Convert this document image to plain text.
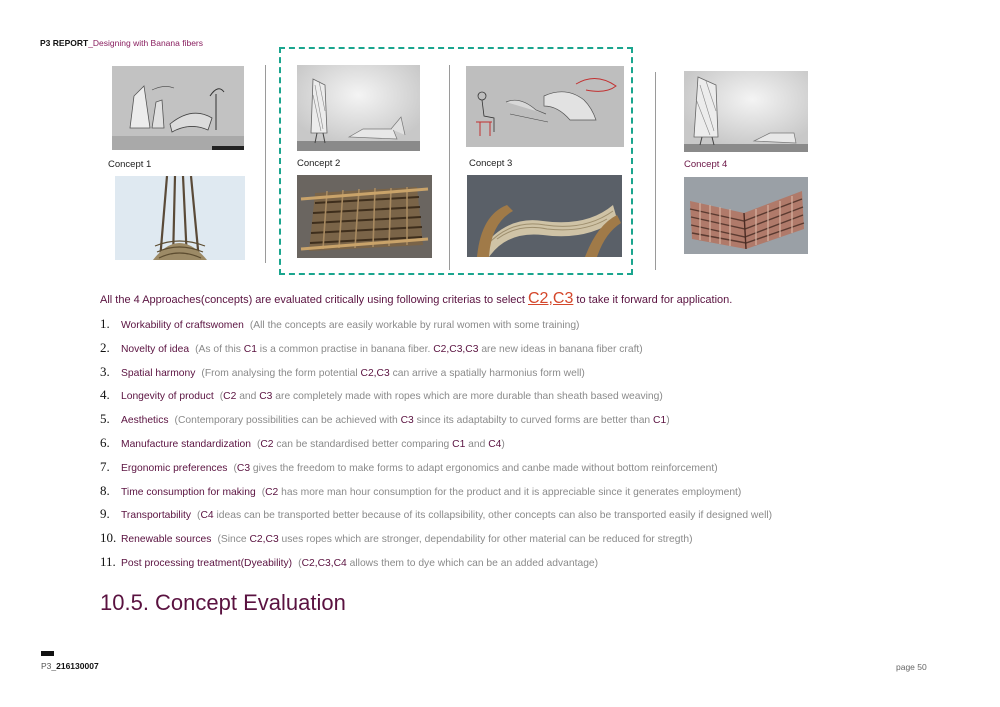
P3 REPORT_Designing with Banana fibers
Concept 1	Concept 2	Concept 3	Concept 4
All the 4 Approaches(concepts) are evaluated critically using following criterias to select C2,C3 to take it forward for application.
1. Workability of craftswomen (All the concepts are easily workable by rural women with some training)
2. Novelty of idea (As of this C1 is a common practise in banana fiber. C2,C3,C3 are new ideas in banana fiber craft)
3. Spatial harmony (From analysing the form potential C2,C3 can arrive a spatially harmonius form well)
4. Longevity of product (C2 and C3 are completely made with ropes which are more durable than sheath based weaving)
5. Aesthetics (Contemporary possibilities can be achieved with C3 since its adaptabilty to curved forms are better than C1)
6. Manufacture standardization (C2 can be standardised better comparing C1 and C4)
7. Ergonomic preferences (C3 gives the freedom to make forms to adapt ergonomics and canbe made without bottom reinforcement)
8. Time consumption for making (C2 has more man hour consumption for the product and it is appreciable since it generates employment)
9. Transportability (C4 ideas can be transported better because of its collapsibility, other concepts can also be transported easily if designed well)
10. Renewable sources (Since C2,C3 uses ropes which are stronger, dependability for other material can be reduced for stregth)
11. Post processing treatment(Dyeability) (C2,C3,C4 allows them to dye which can be an added advantage)
10.5. Concept Evaluation
P3_216130007	page 50
